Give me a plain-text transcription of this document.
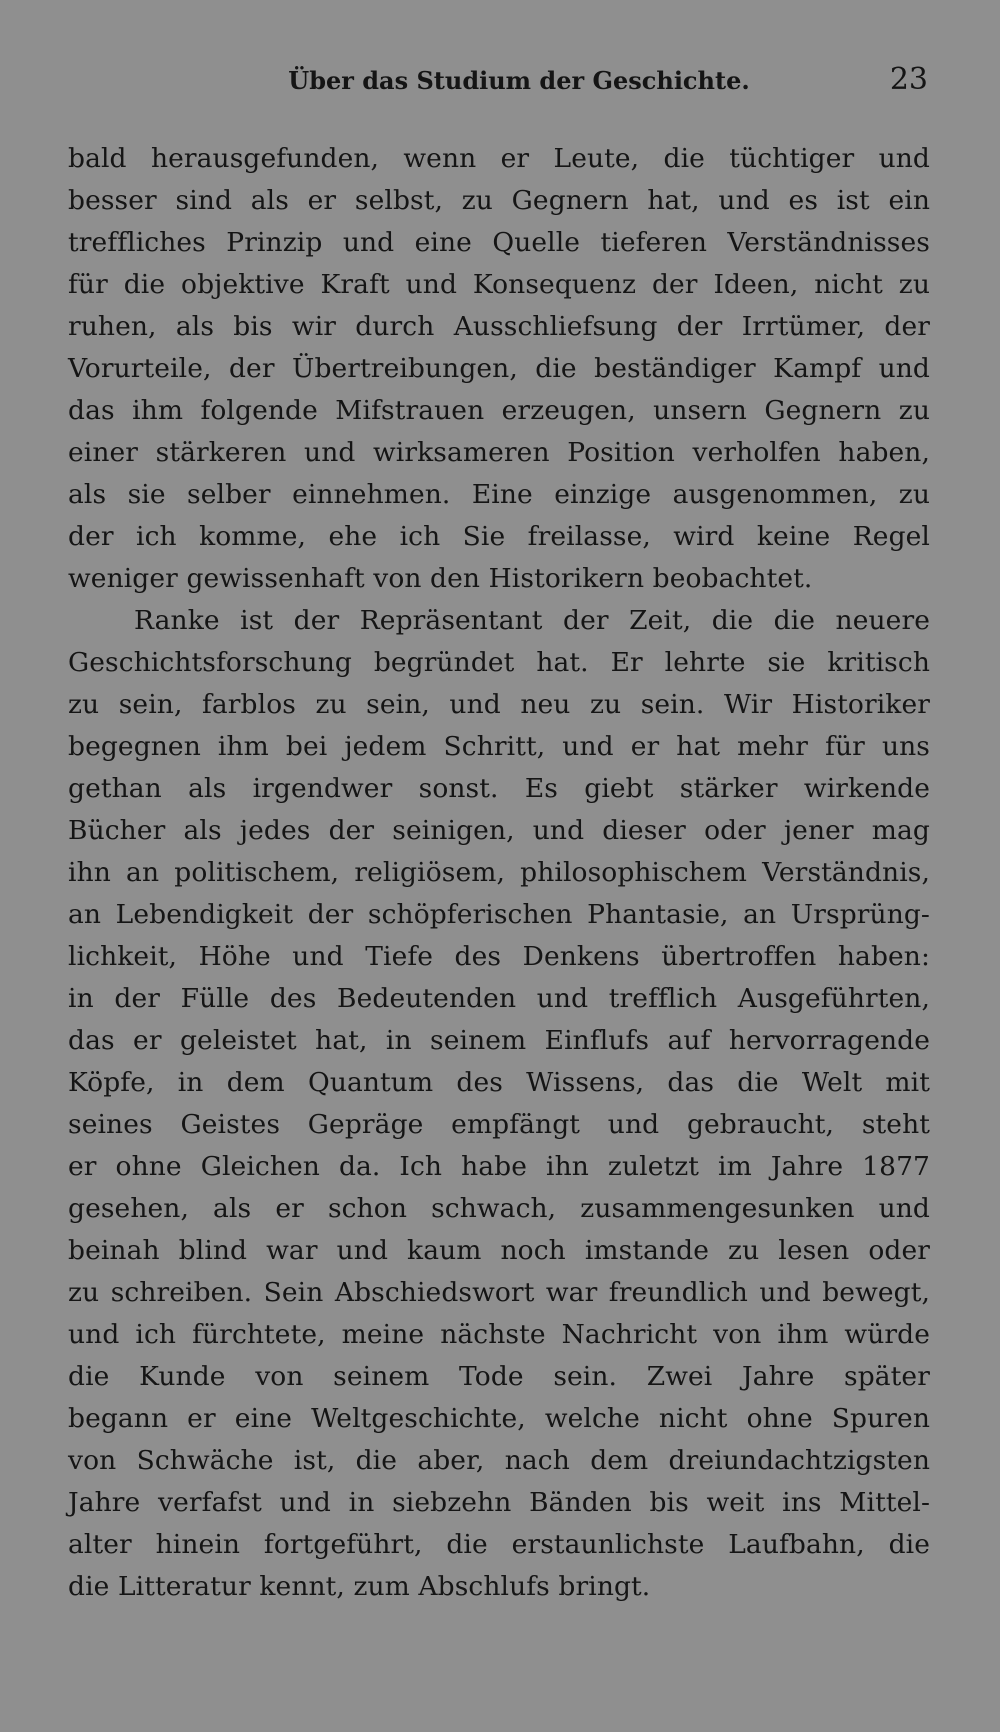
Über das Studium der Geschichte.	23
bald herausgefunden, wenn er Leute, die tüchtiger und
besser sind als er selbst, zu Gegnern hat, und es ist ein
treffliches Prinzip und eine Quelle tieferen Verständnisses
für die objektive Kraft und Konsequenz der Ideen, nicht zu
ruhen, als bis wir durch Ausschliefsung der Irrtümer, der
Vorurteile, der Übertreibungen, die beständiger Kampf und
das ihm folgende Mifstrauen erzeugen, unsern Gegnern zu
einer stärkeren und wirksameren Position verholfen haben,
als sie selber einnehmen. Eine einzige ausgenommen, zu
der ich komme, ehe ich Sie freilasse, wird keine Regel
weniger gewissenhaft von den Historikern beobachtet.
Ranke ist der Repräsentant der Zeit, die die neuere
Geschichtsforschung begründet hat. Er lehrte sie kritisch
zu sein, farblos zu sein, und neu zu sein. Wir Historiker
begegnen ihm bei jedem Schritt, und er hat mehr für uns
gethan als irgendwer sonst. Es giebt stärker wirkende
Bücher als jedes der seinigen, und dieser oder jener mag
ihn an politischem, religiösem, philosophischem Verständnis,
an Lebendigkeit der schöpferischen Phantasie, an Ursprüng-
lichkeit, Höhe und Tiefe des Denkens übertroffen haben:
in der Fülle des Bedeutenden und trefflich Ausgeführten,
das er geleistet hat, in seinem Einflufs auf hervorragende
Köpfe, in dem Quantum des Wissens, das die Welt mit
seines Geistes Gepräge empfängt und gebraucht, steht
er ohne Gleichen da. Ich habe ihn zuletzt im Jahre 1877
gesehen, als er schon schwach, zusammengesunken und
beinah blind war und kaum noch imstande zu lesen oder
zu schreiben. Sein Abschiedswort war freundlich und bewegt,
und ich fürchtete, meine nächste Nachricht von ihm würde
die Kunde von seinem Tode sein. Zwei Jahre später
begann er eine Weltgeschichte, welche nicht ohne Spuren
von Schwäche ist, die aber, nach dem dreiundachtzigsten
Jahre verfafst und in siebzehn Bänden bis weit ins Mittel-
alter hinein fortgeführt, die erstaunlichste Laufbahn, die
die Litteratur kennt, zum Abschlufs bringt.
